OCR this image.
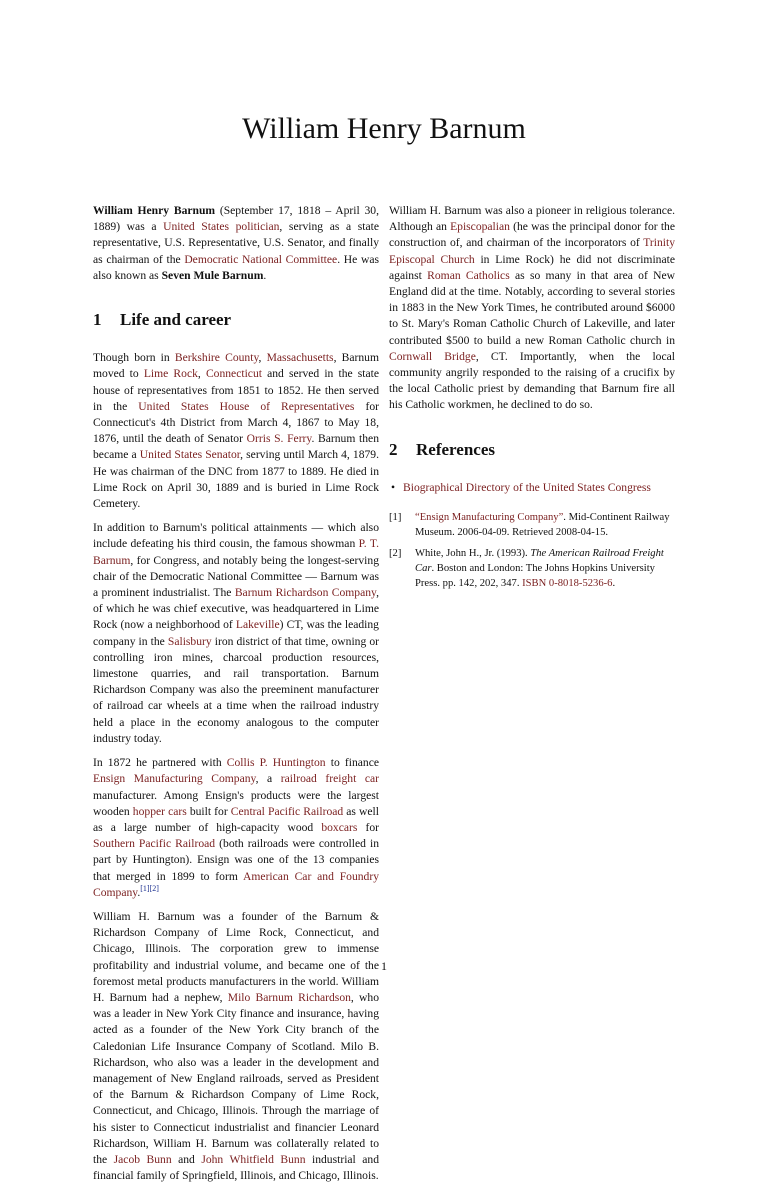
William Henry Barnum

William Henry Barnum (September 17, 1818 – April 30, 1889) was a United States politician, serving as a state representative, U.S. Representative, U.S. Senator, and finally as chairman of the Democratic National Committee. He was also known as Seven Mule Barnum.

1 Life and career

Though born in Berkshire County, Massachusetts, Barnum moved to Lime Rock, Connecticut and served in the state house of representatives from 1851 to 1852. He then served in the United States House of Representatives for Connecticut's 4th District from March 4, 1867 to May 18, 1876, until the death of Senator Orris S. Ferry. Barnum then became a United States Senator, serving until March 4, 1879. He was chairman of the DNC from 1877 to 1889. He died in Lime Rock on April 30, 1889 and is buried in Lime Rock Cemetery.

In addition to Barnum's political attainments — which also include defeating his third cousin, the famous showman P. T. Barnum, for Congress, and notably being the longest-serving chair of the Democratic National Committee — Barnum was a prominent industrialist. The Barnum Richardson Company, of which he was chief executive, was headquartered in Lime Rock (now a neighborhood of Lakeville) CT, was the leading company in the Salisbury iron district of that time, owning or controlling iron mines, charcoal production resources, limestone quarries, and rail transportation. Barnum Richardson Company was also the preeminent manufacturer of railroad car wheels at a time when the railroad industry held a place in the economy analogous to the computer industry today.

In 1872 he partnered with Collis P. Huntington to finance Ensign Manufacturing Company, a railroad freight car manufacturer. Among Ensign's products were the largest wooden hopper cars built for Central Pacific Railroad as well as a large number of high-capacity wood boxcars for Southern Pacific Railroad (both railroads were controlled in part by Huntington). Ensign was one of the 13 companies that merged in 1899 to form American Car and Foundry Company.[1][2]

William H. Barnum was a founder of the Barnum & Richardson Company of Lime Rock, Connecticut, and Chicago, Illinois. The corporation grew to immense profitability and industrial volume, and became one of the foremost metal products manufacturers in the world. William H. Barnum had a nephew, Milo Barnum Richardson, who was a leader in New York City finance and insurance, having acted as a founder of the New York City branch of the Caledonian Life Insurance Company of Scotland. Milo B. Richardson, who also was a leader in the development and management of New England railroads, served as President of the Barnum & Richardson Company of Lime Rock, Connecticut, and Chicago, Illinois. Through the marriage of his sister to Connecticut industrialist and financier Leonard Richardson, William H. Barnum was collaterally related to the Jacob Bunn and John Whitfield Bunn industrial and financial family of Springfield, Illinois, and Chicago, Illinois.

William H. Barnum was also a pioneer in religious tolerance. Although an Episcopalian (he was the principal donor for the construction of, and chairman of the incorporators of Trinity Episcopal Church in Lime Rock) he did not discriminate against Roman Catholics as so many in that area of New England did at the time. Notably, according to several stories in 1883 in the New York Times, he contributed around $6000 to St. Mary's Roman Catholic Church of Lakeville, and later contributed $500 to build a new Roman Catholic church in Cornwall Bridge, CT. Importantly, when the local community angrily responded to the raising of a crucifix by the local Catholic priest by demanding that Barnum fire all his Catholic workmen, he declined to do so.

2 References
• Biographical Directory of the United States Congress
[1] “Ensign Manufacturing Company”. Mid-Continent Railway Museum. 2006-04-09. Retrieved 2008-04-15.
[2] White, John H., Jr. (1993). The American Railroad Freight Car. Boston and London: The Johns Hopkins University Press. pp. 142, 202, 347. ISBN 0-8018-5236-6.
1
